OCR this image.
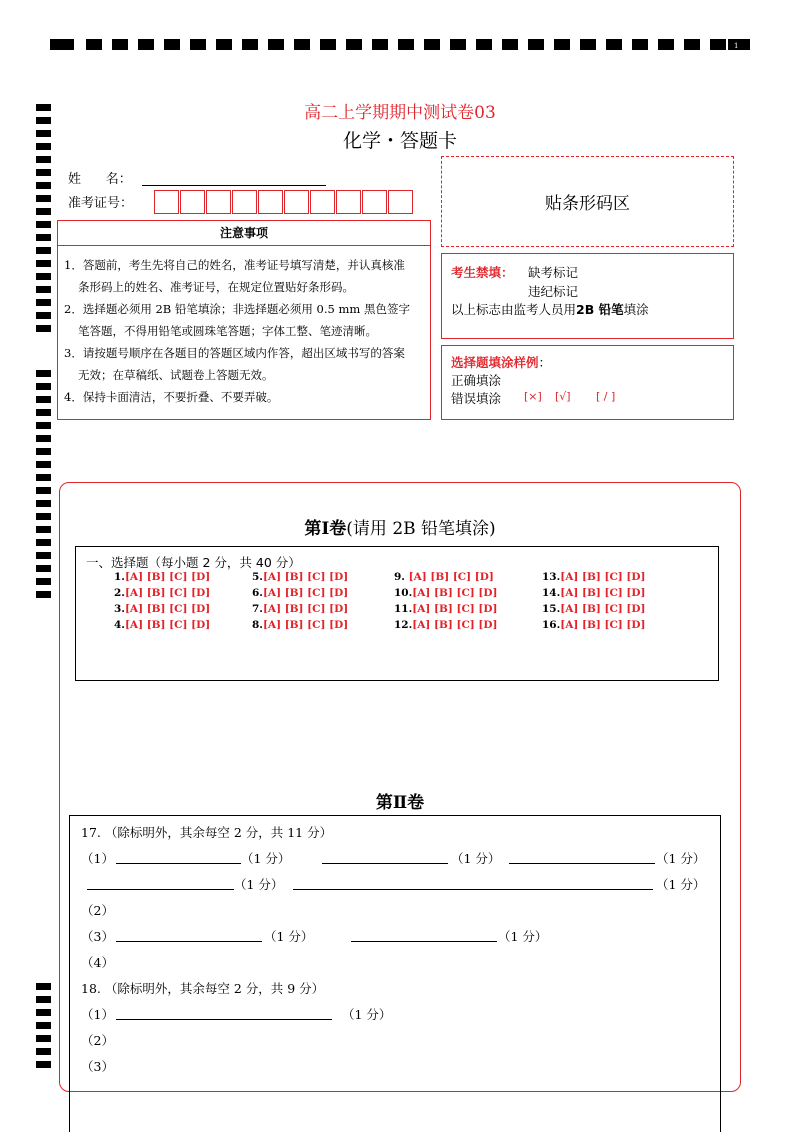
1
高二上学期期中测试卷03
化学・答题卡
姓      名：
准考证号：	贴条形码区
注意事项

1．答题前，考生先将自己的姓名，准考证号填写清楚，并认真核准

条形码上的姓名、准考证号，在规定位置贴好条形码。

2．选择题必须用 2B 铅笔填涂；非选择题必须用 0.5 mm 黑色签字

笔答题，不得用铅笔或圆珠笔答题；字体工整、笔迹清晰。

3．请按题号顺序在各题目的答题区域内作答，超出区域书写的答案

无效；在草稿纸、试题卷上答题无效。

4．保持卡面清洁，不要折叠、不要弄破。

考生禁填： 缺考标记
违纪标记
以上标志由监考人员用2B 铅笔填涂
选择题填涂样例：
正确填涂
错误填涂 [×] [√] [ / ]
第Ⅰ卷(请用 2B 铅笔填涂)
一、选择题（每小题 2 分，共 40 分）
1.[A] [B] [C] [D]
2.[A] [B] [C] [D]
3.[A] [B] [C] [D]
4.[A] [B] [C] [D]
5.[A] [B] [C] [D]
6.[A] [B] [C] [D]
7.[A] [B] [C] [D]
8.[A] [B] [C] [D]
9. [A] [B] [C] [D]
10.[A] [B] [C] [D]
11.[A] [B] [C] [D]
12.[A] [B] [C] [D]
13.[A] [B] [C] [D]
14.[A] [B] [C] [D]
15.[A] [B] [C] [D]
16.[A] [B] [C] [D]
第Ⅱ卷
17. （除标明外，其余每空 2 分，共 11 分）
（1）	（1 分）	（1 分）	（1 分）
（1 分）	（1 分）
（2）
（3）	（1 分）	（1 分）
（4）
18. （除标明外，其余每空 2 分，共 9 分）
（1）	（1 分）
（2）
（3）
